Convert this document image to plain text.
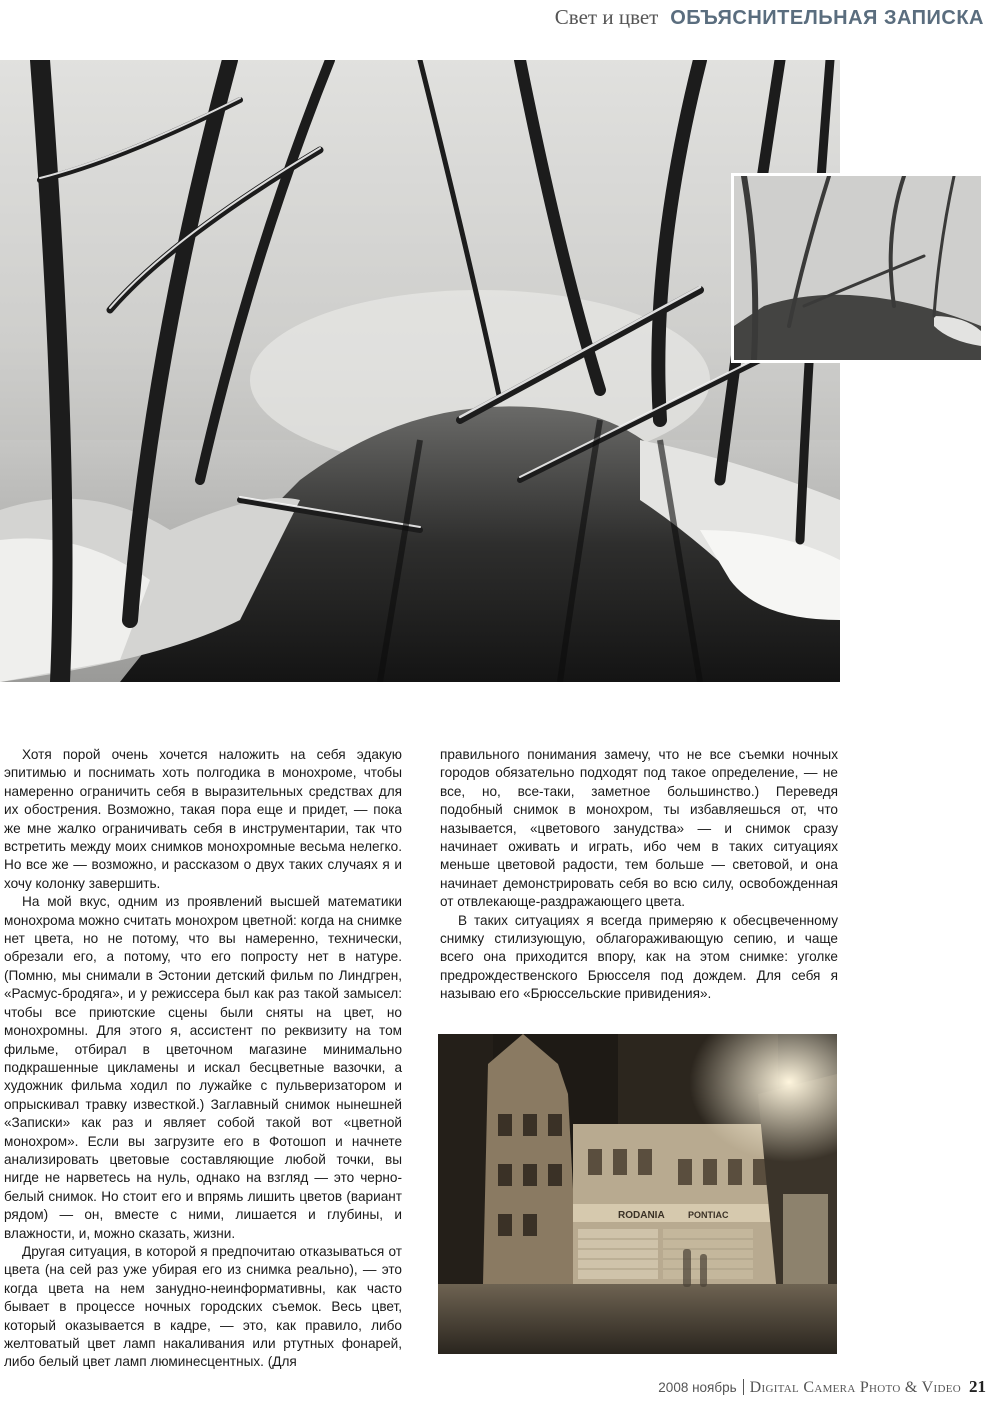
Свет и цвет ОБЪЯСНИТЕЛЬНАЯ ЗАПИСКА

Хотя порой очень хочется наложить на себя эдакую эпитимью и поснимать хоть полгодика в монохроме, чтобы намеренно ограничить себя в выразительных средствах для их обострения. Возможно, такая пора еще и придет, — пока же мне жалко ограничивать себя в инструментарии, так что встретить между моих снимков монохромные весьма нелегко. Но все же — возможно, и рассказом о двух таких случаях я и хочу колонку завершить.

На мой вкус, одним из проявлений высшей математики монохрома можно считать монохром цветной: когда на снимке нет цвета, но не потому, что вы намеренно, технически, обрезали его, а потому, что его попросту нет в натуре. (Помню, мы снимали в Эстонии детский фильм по Линдгрен, «Расмус-бродяга», и у режиссера был как раз такой замысел: чтобы все приютские сцены были сняты на цвет, но монохромны. Для этого я, ассистент по реквизиту на том фильме, отбирал в цветочном магазине минимально подкрашенные цикламены и искал бесцветные вазочки, а художник фильма ходил по лужайке с пульверизатором и опрыскивал травку известкой.) Заглавный снимок нынешней «Записки» как раз и являет собой такой вот «цветной монохром». Если вы загрузите его в Фотошоп и начнете анализировать цветовые составляющие любой точки, вы нигде не нарветесь на нуль, однако на взгляд — это черно-белый снимок. Но стоит его и впрямь лишить цветов (вариант рядом) — он, вместе с ними, лишается и глубины, и влажности, и, можно сказать, жизни.

Другая ситуация, в которой я предпочитаю отказываться от цвета (на сей раз уже убирая его из снимка реально), — это когда цвета на нем занудно-неинформативны, как часто бывает в процессе ночных городских съемок. Весь цвет, который оказывается в кадре, — это, как правило, либо желтоватый цвет ламп накаливания или ртутных фонарей, либо белый цвет ламп люминесцентных. (Для

правильного понимания замечу, что не все съемки ночных городов обязательно подходят под такое определение, — не все, но, все-таки, заметное большинство.) Переведя подобный снимок в монохром, ты избавляешься от, что называется, «цветового занудства» — и снимок сразу начинает оживать и играть, ибо чем в таких ситуациях меньше цветовой радости, тем больше — световой, и она начинает демонстрировать себя во всю силу, освобожденная от отвлекающе-раздражающего цвета.

В таких ситуациях я всегда примеряю к обесцвеченному снимку стилизующую, облагораживающую сепию, и чаще всего она приходится впору, как на этом снимке: уголке предрождественского Брюсселя под дождем. Для себя я называю его «Брюссельские привидения».

2008 ноябрь Digital Camera Photo & Video 21
